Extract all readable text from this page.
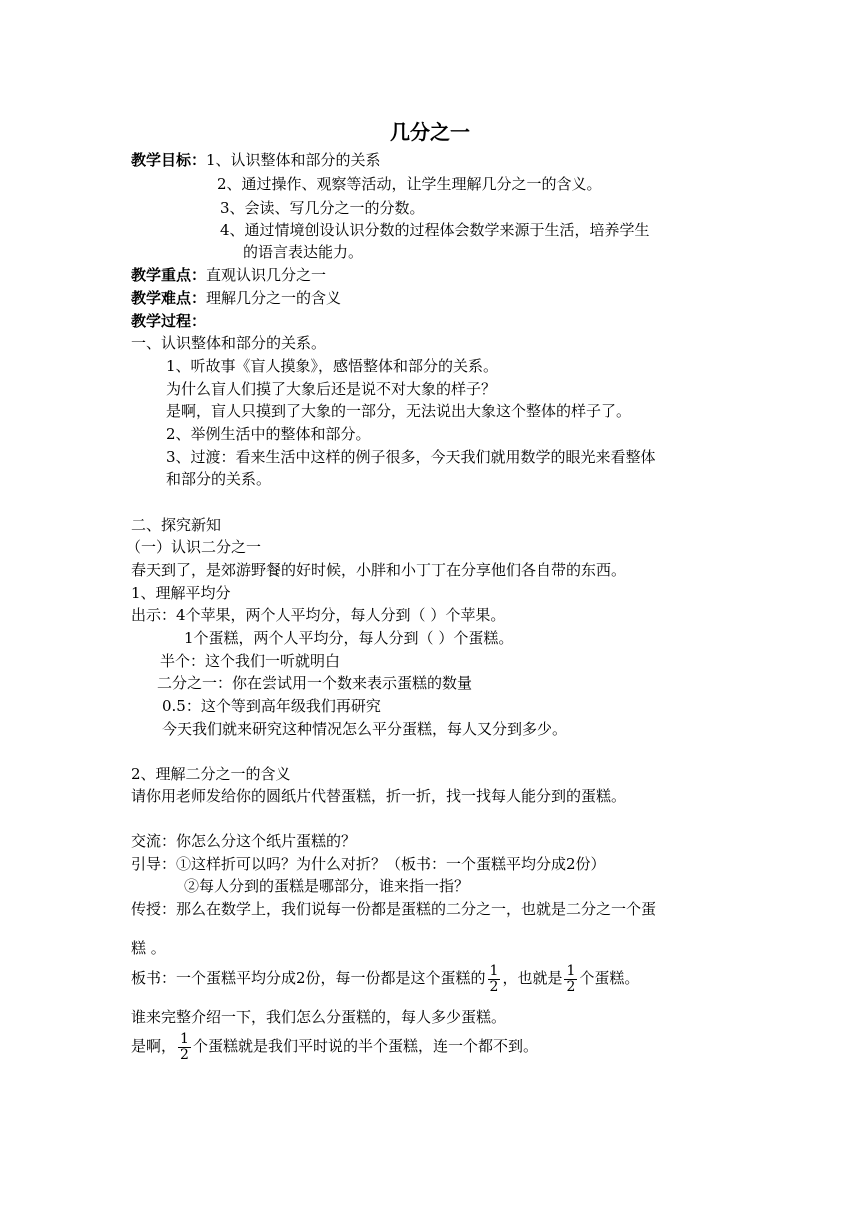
几分之一
教学目标：1、认识整体和部分的关系
2、通过操作、观察等活动，让学生理解几分之一的含义。
3、会读、写几分之一的分数。
4、通过情境创设认识分数的过程体会数学来源于生活，培养学生
的语言表达能力。
教学重点：直观认识几分之一
教学难点：理解几分之一的含义
教学过程：
一、认识整体和部分的关系。
1、听故事《盲人摸象》，感悟整体和部分的关系。
为什么盲人们摸了大象后还是说不对大象的样子？
是啊，盲人只摸到了大象的一部分，无法说出大象这个整体的样子了。
2、举例生活中的整体和部分。
3、过渡：看来生活中这样的例子很多，今天我们就用数学的眼光来看整体
和部分的关系。
二、探究新知
（一）认识二分之一
春天到了，是郊游野餐的好时候，小胖和小丁丁在分享他们各自带的东西。
1、理解平均分
出示：4个苹果，两个人平均分，每人分到（ ）个苹果。
1个蛋糕，两个人平均分，每人分到（ ）个蛋糕。
半个：这个我们一听就明白
二分之一：你在尝试用一个数来表示蛋糕的数量
0.5：这个等到高年级我们再研究
今天我们就来研究这种情况怎么平分蛋糕，每人又分到多少。
2、理解二分之一的含义
请你用老师发给你的圆纸片代替蛋糕，折一折，找一找每人能分到的蛋糕。
交流：你怎么分这个纸片蛋糕的？
引导：①这样折可以吗？为什么对折？（板书：一个蛋糕平均分成2份）
②每人分到的蛋糕是哪部分，谁来指一指？
传授：那么在数学上，我们说每一份都是蛋糕的二分之一，也就是二分之一个蛋
糕 。
板书：一个蛋糕平均分成2份，每一份都是这个蛋糕的 $\frac{1}{2}$ ，也就是 $\frac{1}{2}$ 个蛋糕。
谁来完整介绍一下，我们怎么分蛋糕的，每人多少蛋糕。
是啊， $\frac{1}{2}$ 个蛋糕就是我们平时说的半个蛋糕，连一个都不到。
